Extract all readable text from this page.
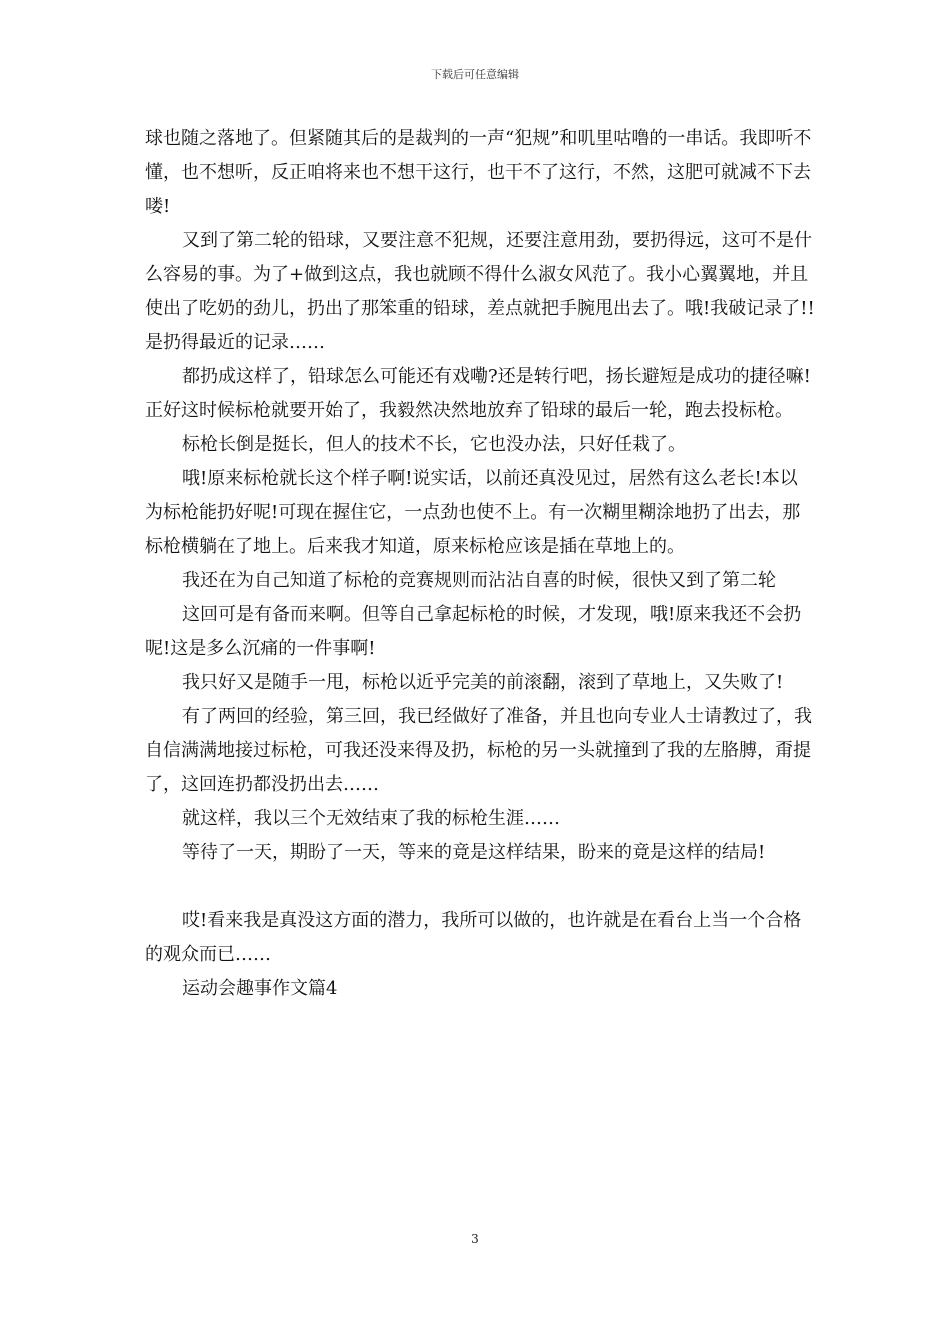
下载后可任意编辑

球也随之落地了。但紧随其后的是裁判的一声“犯规”和叽里咕噜的一串话。我即听不懂，也不想听，反正咱将来也不想干这行，也干不了这行，不然，这肥可就减不下去喽!

又到了第二轮的铅球，又要注意不犯规，还要注意用劲，要扔得远，这可不是什么容易的事。为了+做到这点，我也就顾不得什么淑女风范了。我小心翼翼地，并且使出了吃奶的劲儿，扔出了那笨重的铅球，差点就把手腕甩出去了。哦!我破记录了!!是扔得最近的记录……

都扔成这样了，铅球怎么可能还有戏嘞?还是转行吧，扬长避短是成功的捷径嘛!正好这时候标枪就要开始了，我毅然决然地放弃了铅球的最后一轮，跑去投标枪。

标枪长倒是挺长，但人的技术不长，它也没办法，只好任栽了。

哦!原来标枪就长这个样子啊!说实话，以前还真没见过，居然有这么老长!本以为标枪能扔好呢!可现在握住它，一点劲也使不上。有一次糊里糊涂地扔了出去，那标枪横躺在了地上。后来我才知道，原来标枪应该是插在草地上的。

我还在为自己知道了标枪的竞赛规则而沾沾自喜的时候，很快又到了第二轮

这回可是有备而来啊。但等自己拿起标枪的时候，才发现，哦!原来我还不会扔呢!这是多么沉痛的一件事啊!

我只好又是随手一甩，标枪以近乎完美的前滚翻，滚到了草地上，又失败了!

有了两回的经验，第三回，我已经做好了准备，并且也向专业人士请教过了，我自信满满地接过标枪，可我还没来得及扔，标枪的另一头就撞到了我的左胳膊，甭提了，这回连扔都没扔出去……

就这样，我以三个无效结束了我的标枪生涯……

等待了一天，期盼了一天，等来的竟是这样结果，盼来的竟是这样的结局!

哎!看来我是真没这方面的潜力，我所可以做的，也许就是在看台上当一个合格的观众而已……

运动会趣事作文篇4

3
